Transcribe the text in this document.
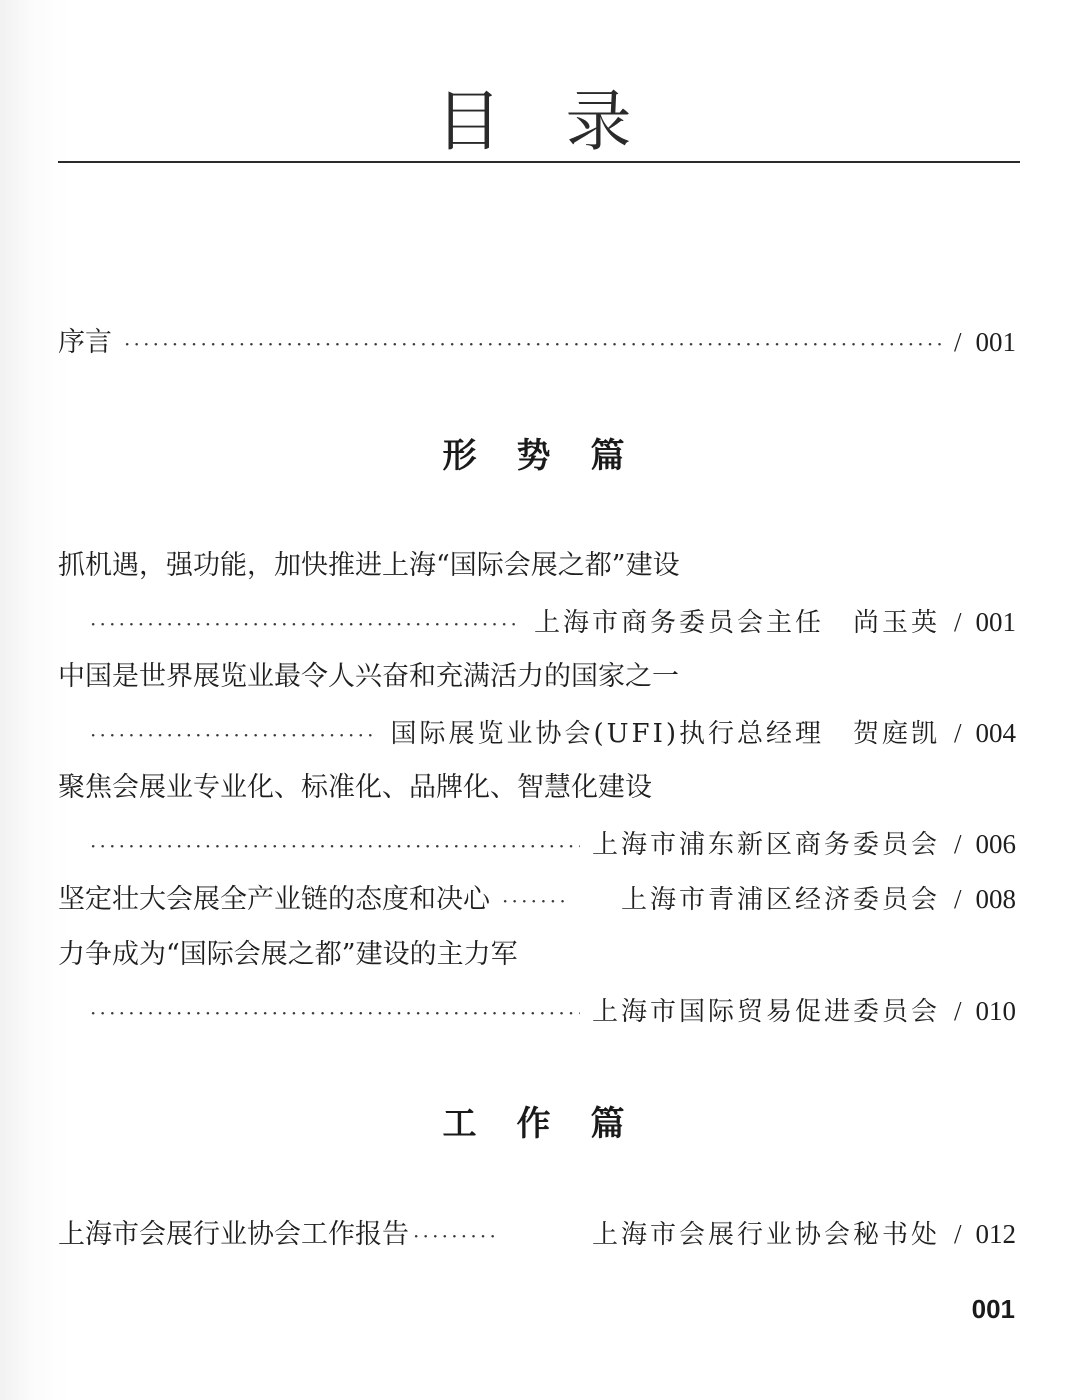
目录
序言 ·····	/ 001
形势篇
抓机遇，强功能，加快推进上海“国际会展之都”建设
·····
上海市商务委员会主任　尚玉英 / 001
中国是世界展览业最令人兴奋和充满活力的国家之一
·····
国际展览业协会(UFI)执行总经理　贺庭凯 / 004
聚焦会展业专业化、标准化、品牌化、智慧化建设
·····
上海市浦东新区商务委员会 / 006
坚定壮大会展全产业链的态度和决心 ·····	上海市青浦区经济委员会 / 008
力争成为“国际会展之都”建设的主力军
·····
上海市国际贸易促进委员会 / 010
工作篇
上海市会展行业协会工作报告 ·····	上海市会展行业协会秘书处 / 012
001
